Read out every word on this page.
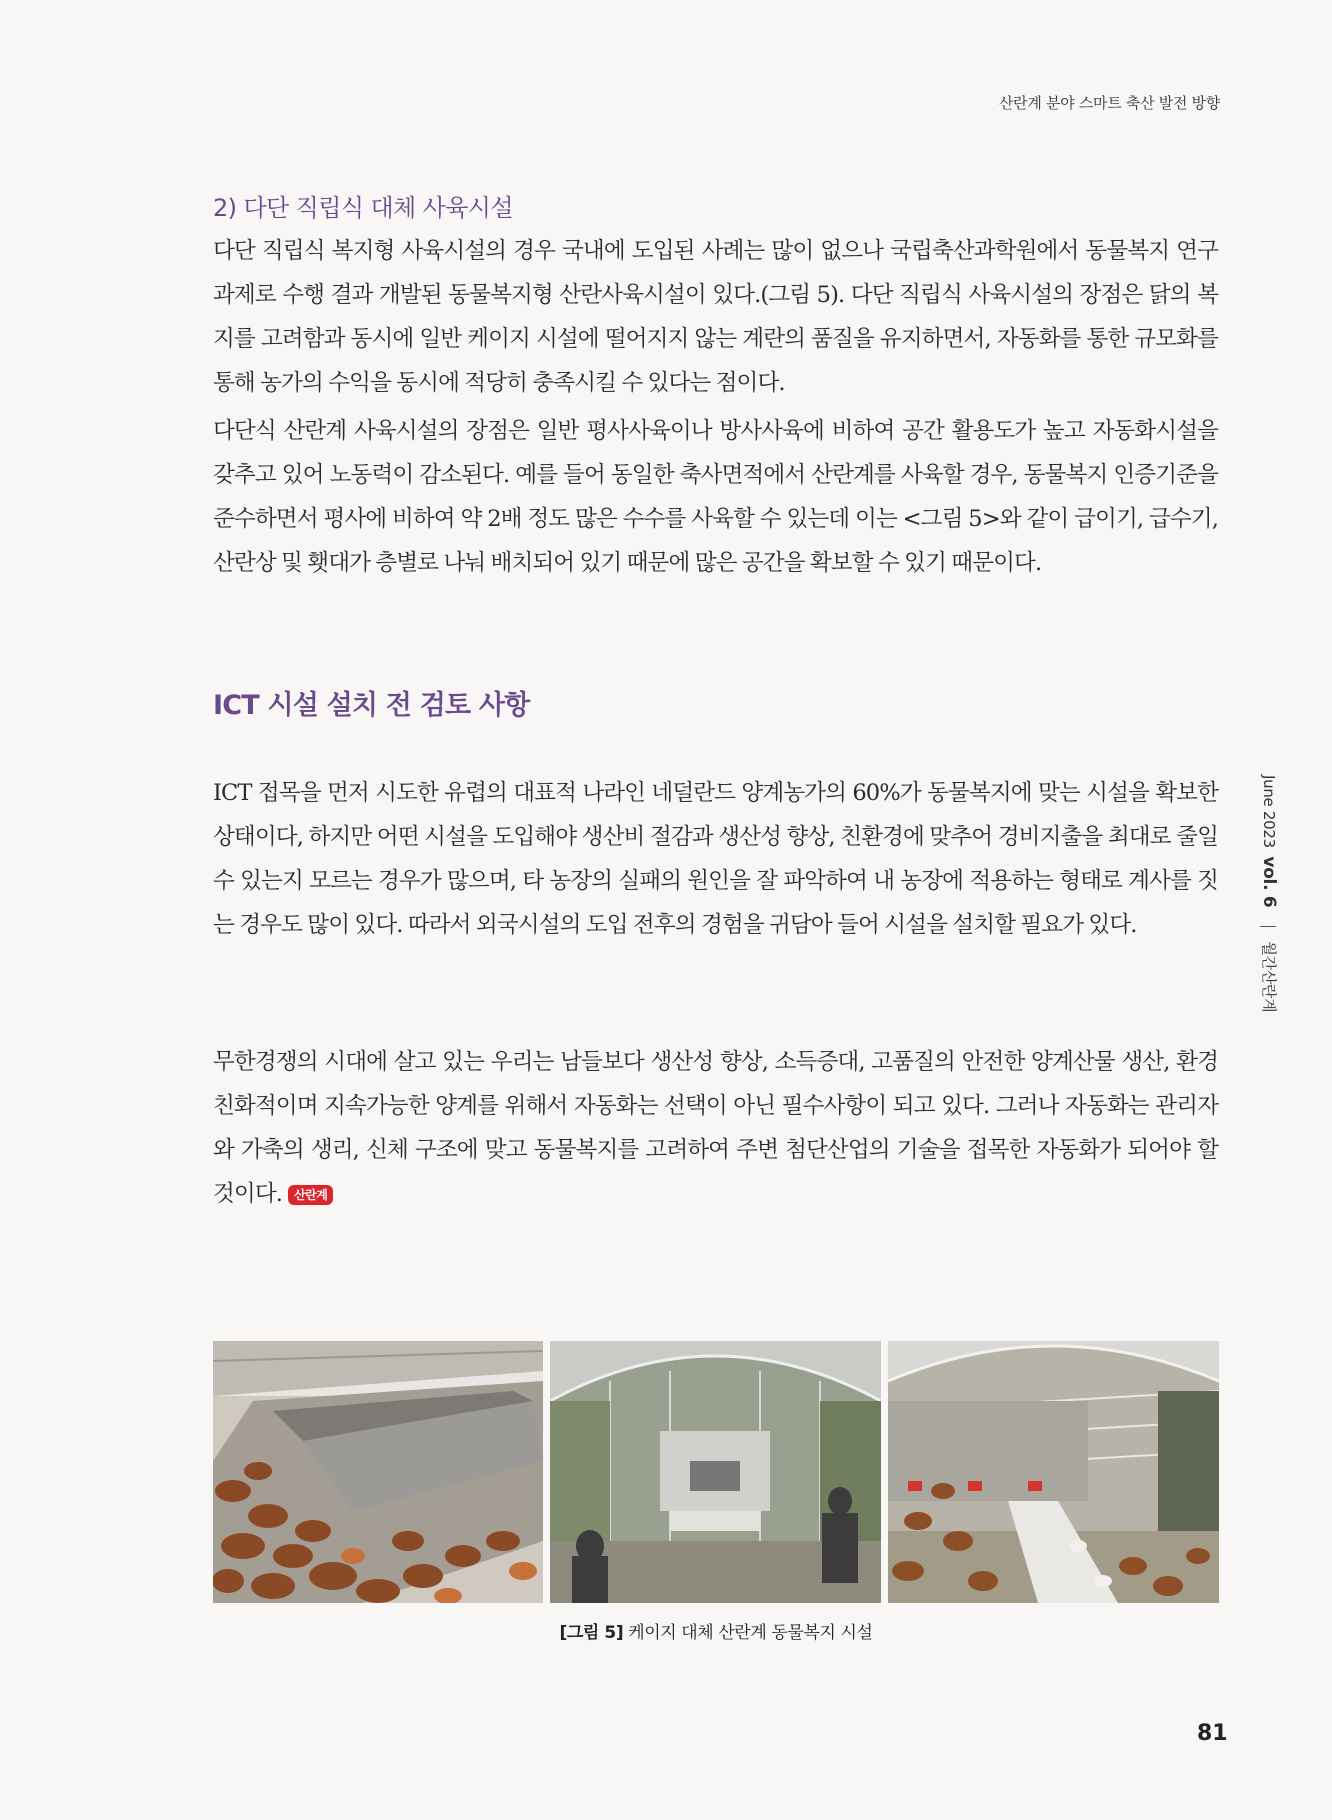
산란계 분야 스마트 축산 발전 방향
2) 다단 직립식 대체 사육시설

다단 직립식 복지형 사육시설의 경우 국내에 도입된 사례는 많이 없으나 국립축산과학원에서 동물복지 연구과제로 수행 결과 개발된 동물복지형 산란사육시설이 있다.(그림 5). 다단 직립식 사육시설의 장점은 닭의 복지를 고려함과 동시에 일반 케이지 시설에 떨어지지 않는 계란의 품질을 유지하면서, 자동화를 통한 규모화를 통해 농가의 수익을 동시에 적당히 충족시킬 수 있다는 점이다.

다단식 산란계 사육시설의 장점은 일반 평사사육이나 방사사육에 비하여 공간 활용도가 높고 자동화시설을 갖추고 있어 노동력이 감소된다. 예를 들어 동일한 축사면적에서 산란계를 사육할 경우, 동물복지 인증기준을 준수하면서 평사에 비하여 약 2배 정도 많은 수수를 사육할 수 있는데 이는 <그림 5>와 같이 급이기, 급수기, 산란상 및 횃대가 층별로 나눠 배치되어 있기 때문에 많은 공간을 확보할 수 있기 때문이다.

ICT 시설 설치 전 검토 사항

ICT 접목을 먼저 시도한 유렵의 대표적 나라인 네덜란드 양계농가의 60%가 동물복지에 맞는 시설을 확보한 상태이다, 하지만 어떤 시설을 도입해야 생산비 절감과 생산성 향상, 친환경에 맞추어 경비지출을 최대로 줄일 수 있는지 모르는 경우가 많으며, 타 농장의 실패의 원인을 잘 파악하여 내 농장에 적용하는 형태로 계사를 짓는 경우도 많이 있다. 따라서 외국시설의 도입 전후의 경험을 귀담아 들어 시설을 설치할 필요가 있다.

무한경쟁의 시대에 살고 있는 우리는 남들보다 생산성 향상, 소득증대, 고품질의 안전한 양계산물 생산, 환경 친화적이며 지속가능한 양계를 위해서 자동화는 선택이 아닌 필수사항이 되고 있다. 그러나 자동화는 관리자와 가축의 생리, 신체 구조에 맞고 동물복지를 고려하여 주변 첨단산업의 기술을 접목한 자동화가 되어야 할 것이다. 산란계

June 2023 vol. 6  월간산란계
[그림 5] 케이지 대체 산란계 동물복지 시설
81
